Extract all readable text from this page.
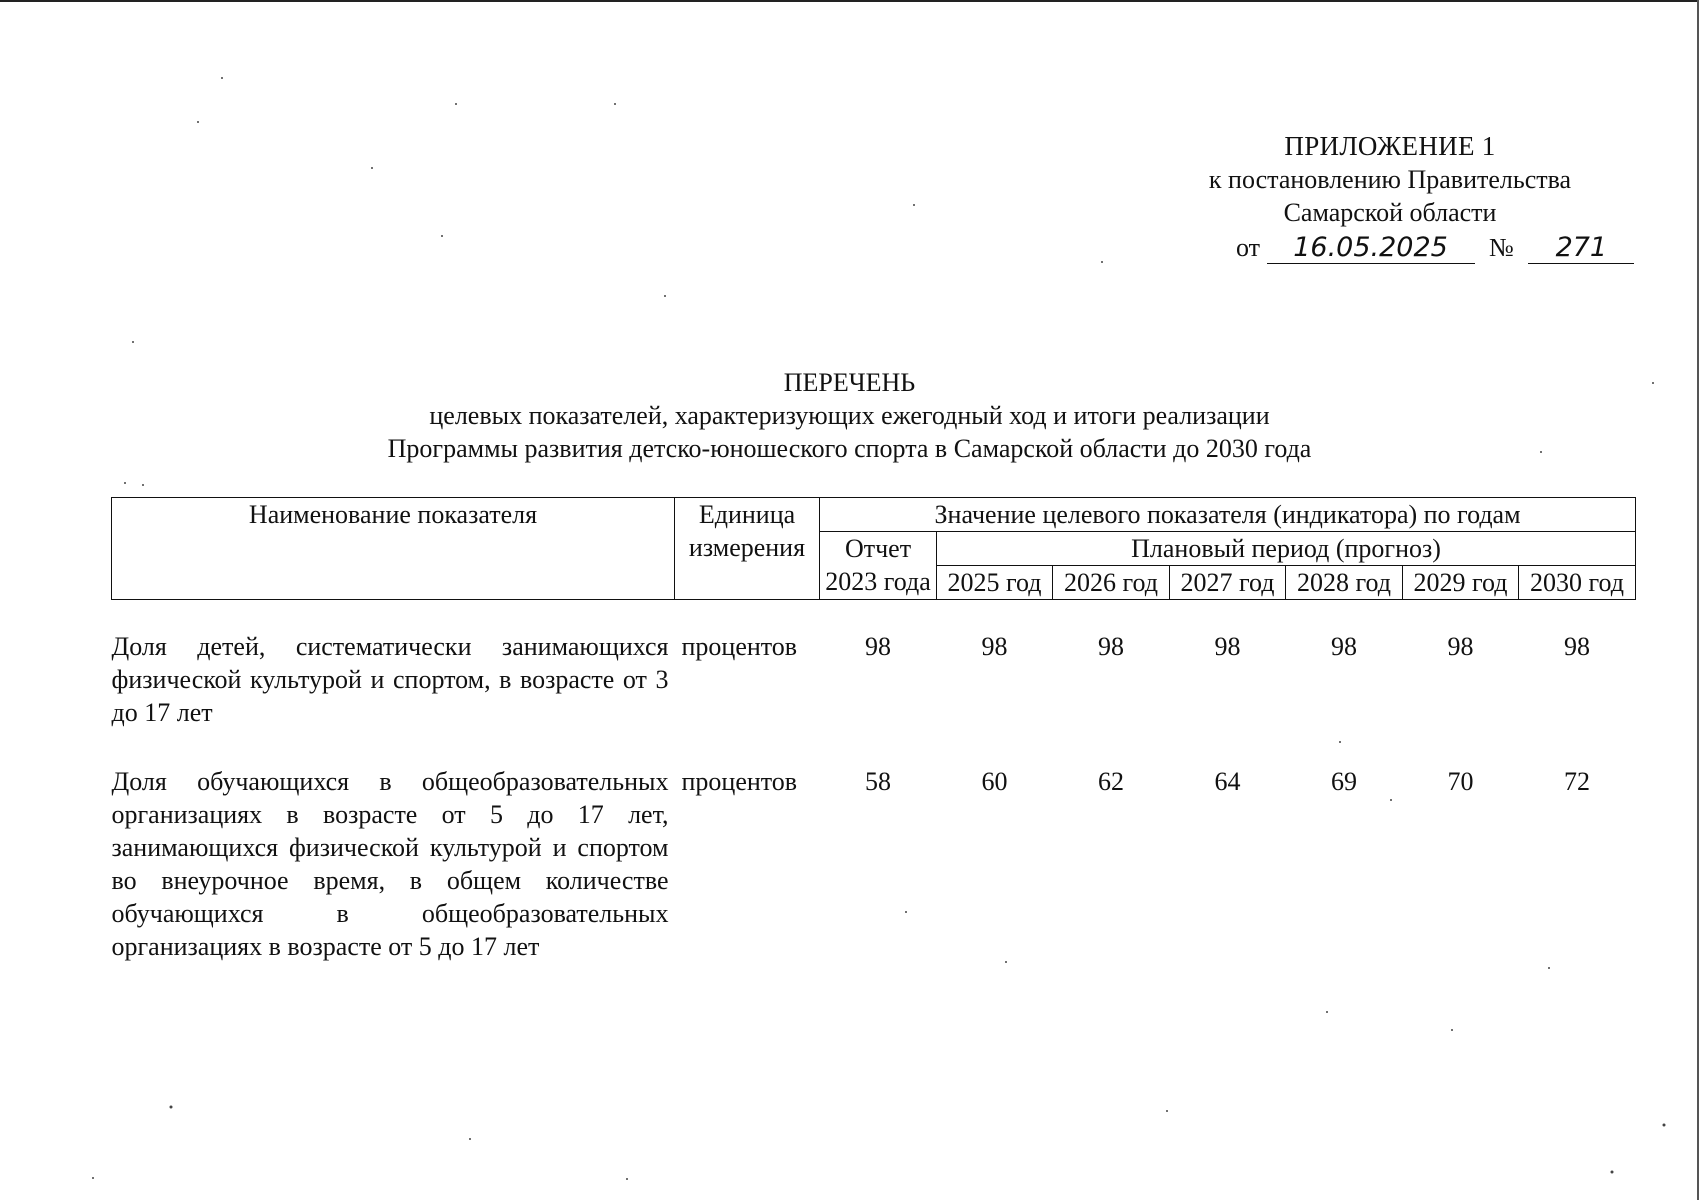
ПРИЛОЖЕНИЕ 1
к постановлению Правительства
Самарской области
от 16.05.2025 № 271
ПЕРЕЧЕНЬ
целевых показателей, характеризующих ежегодный ход и итоги реализации
Программы развития детско-юношеского спорта в Самарской области до 2030 года
Наименование показателя	Единица измерения	Значение целевого показателя (индикатора) по годам						
		Отчет 2023 года	Плановый период (прогноз)					
			2025 год	2026 год	2027 год	2028 год	2029 год	2030 год

Доля детей, систематически занимающихся физической культурой и спортом, в возрасте от 3 до 17 лет	процентов	98	98	98	98	98	98	98
Доля обучающихся в общеобразовательных организациях в возрасте от 5 до 17 лет, занимающихся физической культурой и спортом во внеурочное время, в общем количестве обучающихся в общеобразовательных организациях в возрасте от 5 до 17 лет	процентов	58	60	62	64	69	70	72
